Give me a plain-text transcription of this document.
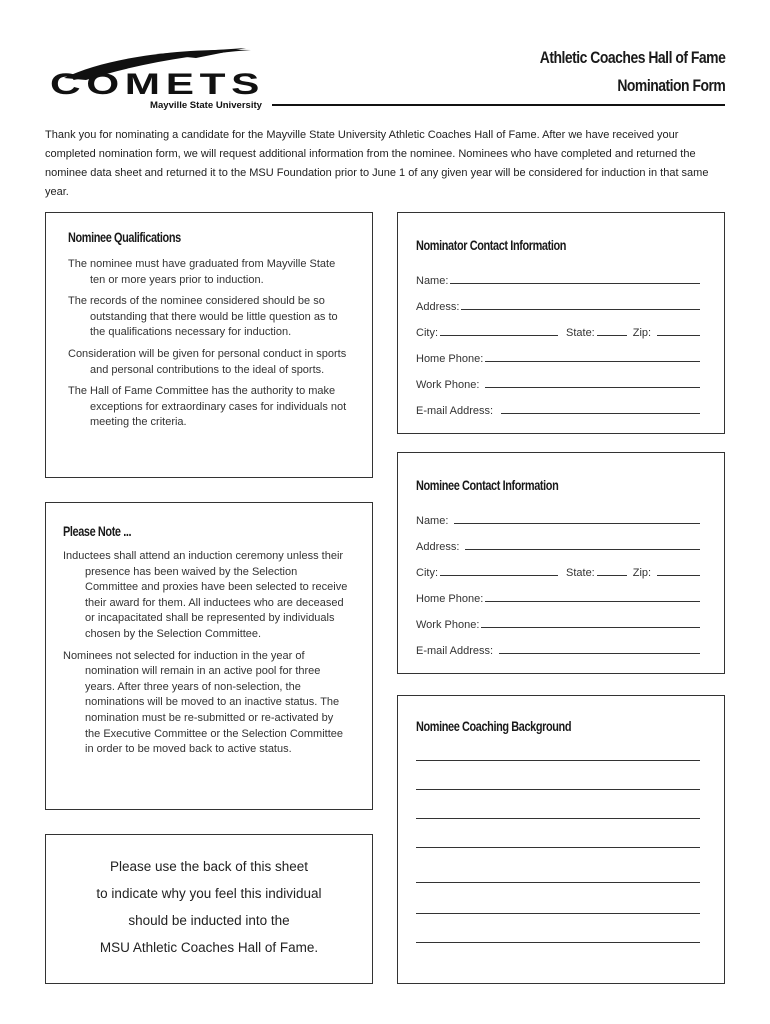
COMETS
Mayville State University
Athletic Coaches Hall of Fame
Nomination Form
Thank you for nominating a candidate for the Mayville State University Athletic Coaches Hall of Fame. After we have received your completed nomination form, we will request additional information from the nominee. Nominees who have completed and returned the nominee data sheet and returned it to the MSU Foundation prior to June 1 of any given year will be considered for induction in that same year.
Nominee Qualifications
The nominee must have graduated from Mayville State ten or more years prior to induction.
The records of the nominee considered should be so outstanding that there would be little question as to the qualifications necessary for induction.
Consideration will be given for personal conduct in sports and personal contributions to the ideal of sports.
The Hall of Fame Committee has the authority to make exceptions for extraordinary cases for individuals not meeting the criteria.
Please Note ...
Inductees shall attend an induction ceremony unless their presence has been waived by the Selection Committee and proxies have been selected to receive their award for them. All inductees who are deceased or incapacitated shall be represented by individuals chosen by the Selection Committee.
Nominees not selected for induction in the year of nomination will remain in an active pool for three years. After three years of non-selection, the nominations will be moved to an inactive status. The nomination must be re-submitted or re-activated by the Executive Committee or the Selection Committee in order to be moved back to active status.
Please use the back of this sheet
to indicate why you feel this individual
should be inducted into the
MSU Athletic Coaches Hall of Fame.
Nominator Contact Information
Name:
Address:
City:	State:	Zip:
Home Phone:
Work Phone:
E-mail Address:
Nominee Contact Information
Name:
Address:
City:	State:	Zip:
Home Phone:
Work Phone:
E-mail Address:
Nominee Coaching Background
